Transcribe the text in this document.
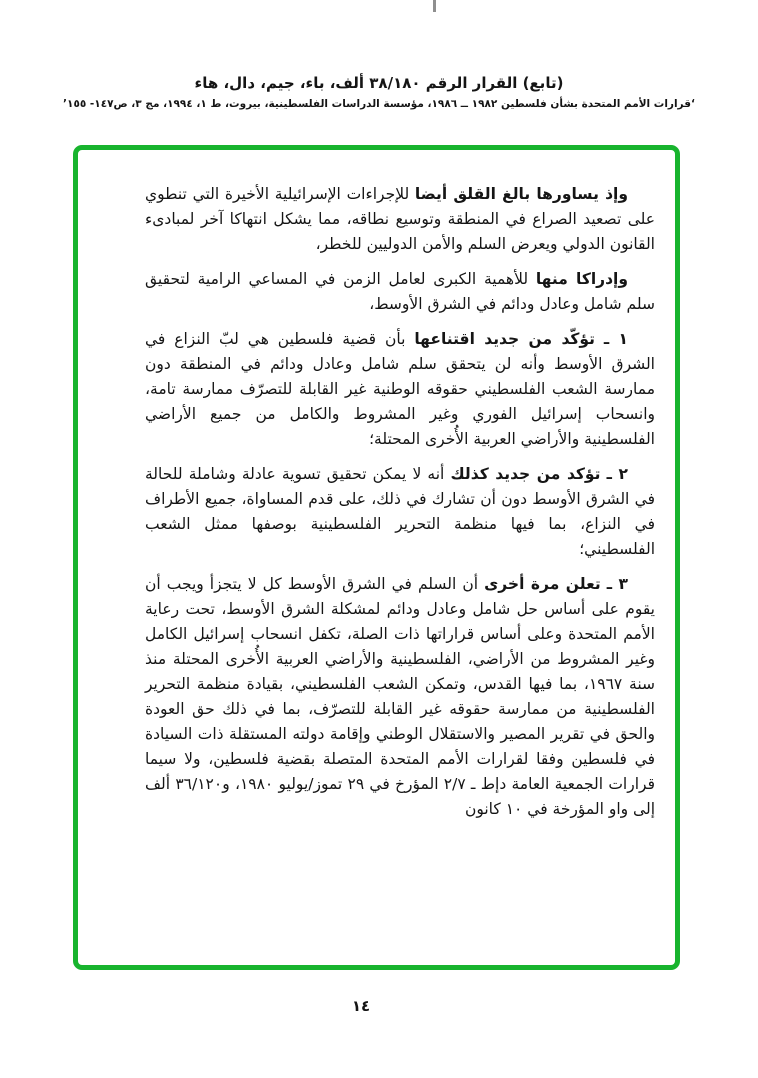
(تابع) القرار الرقم ٣٨/١٨٠ ألف، باء، جيم، دال، هاء
‘قرارات الأمم المتحدة بشأن فلسطين ١٩٨٢ ــ ١٩٨٦، مؤسسة الدراسات الفلسطينية، بيروت، ط ١، ١٩٩٤، مج ٣، ص١٤٧- ١٥٥’

وإذ يساورها بالغ القلق أيضا للإجراءات الإسرائيلية الأخيرة التي تنطوي على تصعيد الصراع في المنطقة وتوسيع نطاقه، مما يشكل انتهاكا آخر لمبادىء القانون الدولي ويعرض السلم والأمن الدوليين للخطر،

وإدراكا منها للأهمية الكبرى لعامل الزمن في المساعي الرامية لتحقيق سلم شامل وعادل ودائم في الشرق الأوسط،

١ ـ تؤكّد من جديد اقتناعها بأن قضية فلسطين هي لبّ النزاع في الشرق الأوسط وأنه لن يتحقق سلم شامل وعادل ودائم في المنطقة دون ممارسة الشعب الفلسطيني حقوقه الوطنية غير القابلة للتصرّف ممارسة تامة، وانسحاب إسرائيل الفوري وغير المشروط والكامل من جميع الأراضي الفلسطينية والأراضي العربية الأُخرى المحتلة؛

٢ ـ تؤكد من جديد كذلك أنه لا يمكن تحقيق تسوية عادلة وشاملة للحالة في الشرق الأوسط دون أن تشارك في ذلك، على قدم المساواة، جميع الأطراف في النزاع، بما فيها منظمة التحرير الفلسطينية بوصفها ممثل الشعب الفلسطيني؛

٣ ـ تعلن مرة أخرى أن السلم في الشرق الأوسط كل لا يتجزأ ويجب أن يقوم على أساس حل شامل وعادل ودائم لمشكلة الشرق الأوسط، تحت رعاية الأمم المتحدة وعلى أساس قراراتها ذات الصلة، تكفل انسحاب إسرائيل الكامل وغير المشروط من الأراضي، الفلسطينية والأراضي العربية الأُخرى المحتلة منذ سنة ١٩٦٧، بما فيها القدس، وتمكن الشعب الفلسطيني، بقيادة منظمة التحرير الفلسطينية من ممارسة حقوقه غير القابلة للتصرّف، بما في ذلك حق العودة والحق في تقرير المصير والاستقلال الوطني وإقامة دولته المستقلة ذات السيادة في فلسطين وفقا لقرارات الأمم المتحدة المتصلة بقضية فلسطين، ولا سيما قرارات الجمعية العامة دإط ـ ٢/٧ المؤرخ في ٢٩ تموز/يوليو ١٩٨٠، و٣٦/١٢٠ ألف إلى واو المؤرخة في ١٠ كانون

١٤
